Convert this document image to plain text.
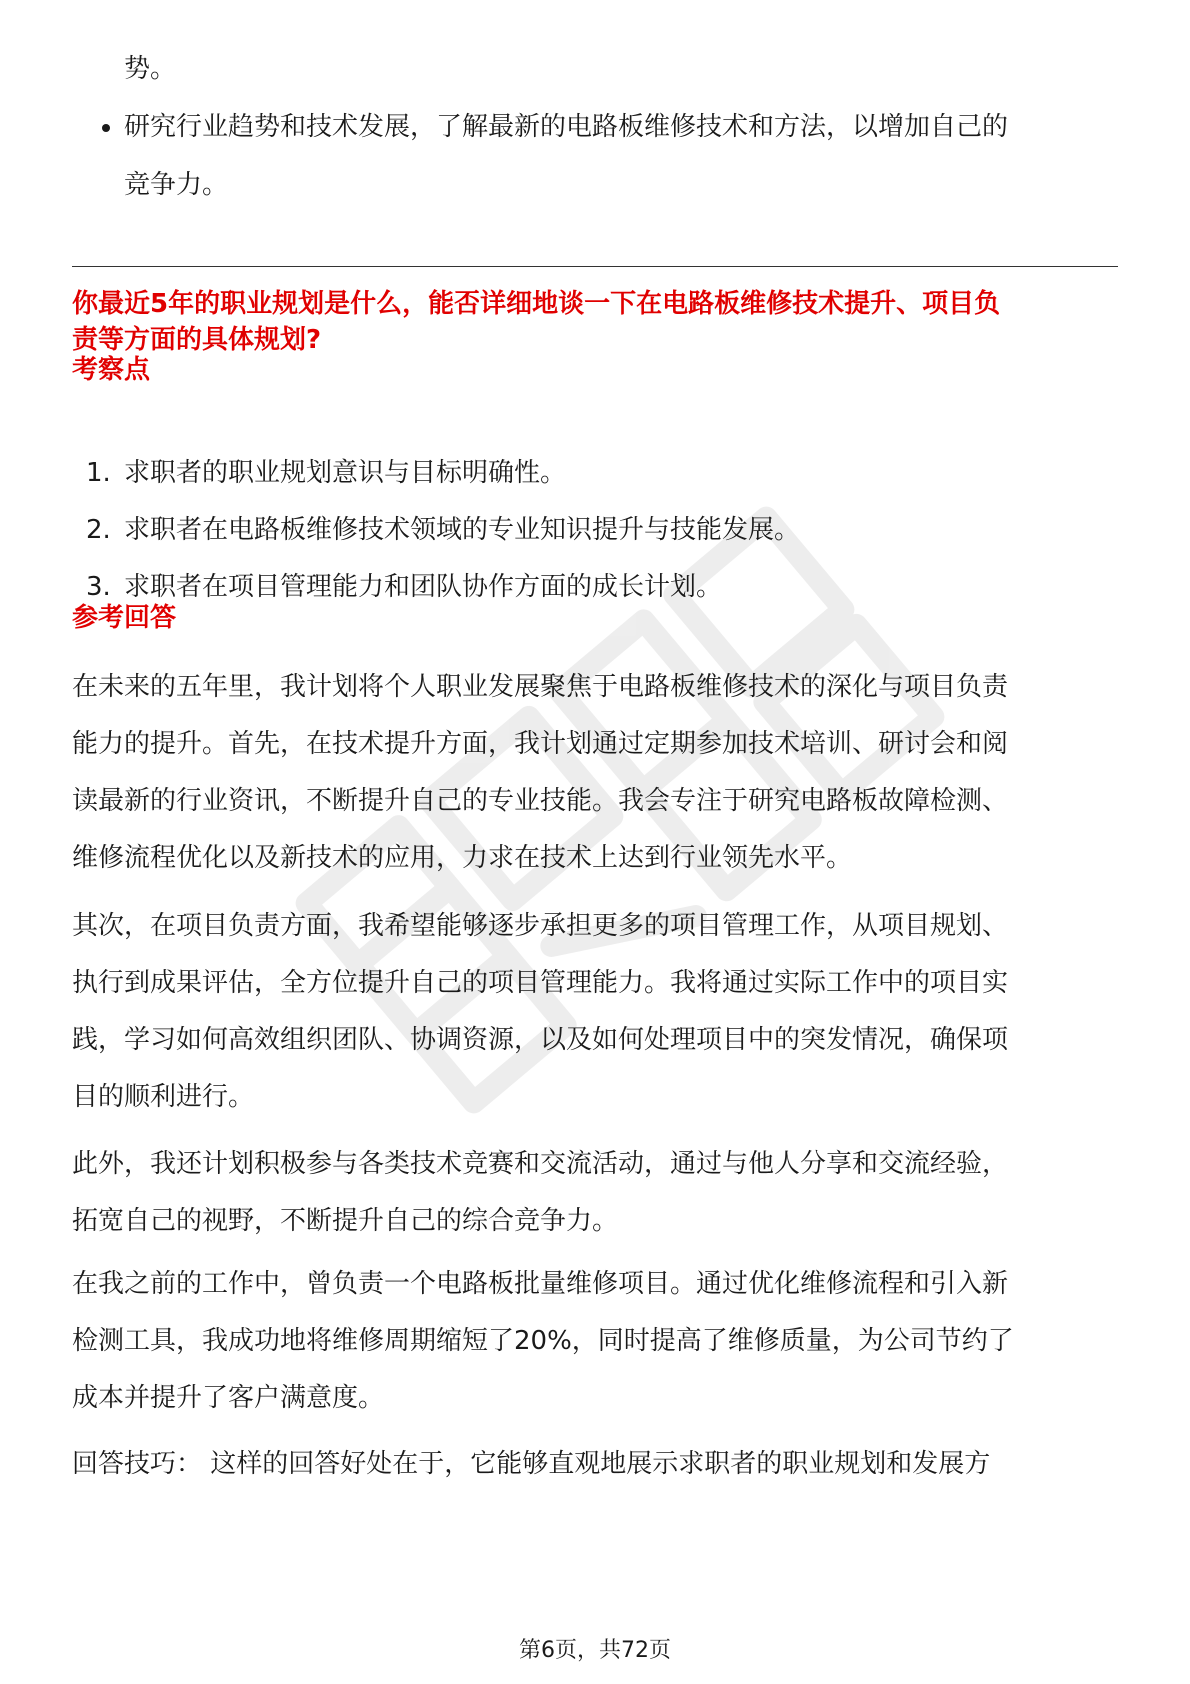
势。
研究行业趋势和技术发展，了解最新的电路板维修技术和方法，以增加自己的
竞争力。
你最近5年的职业规划是什么，能否详细地谈一下在电路板维修技术提升、项目负
责等方面的具体规划?
考察点
1. 求职者的职业规划意识与目标明确性。
2. 求职者在电路板维修技术领域的专业知识提升与技能发展。
3. 求职者在项目管理能力和团队协作方面的成长计划。
参考回答
在未来的五年里，我计划将个人职业发展聚焦于电路板维修技术的深化与项目负责
能力的提升。首先，在技术提升方面，我计划通过定期参加技术培训、研讨会和阅
读最新的行业资讯，不断提升自己的专业技能。我会专注于研究电路板故障检测、
维修流程优化以及新技术的应用，力求在技术上达到行业领先水平。
其次，在项目负责方面，我希望能够逐步承担更多的项目管理工作，从项目规划、
执行到成果评估，全方位提升自己的项目管理能力。我将通过实际工作中的项目实
践，学习如何高效组织团队、协调资源，以及如何处理项目中的突发情况，确保项
目的顺利进行。
此外，我还计划积极参与各类技术竞赛和交流活动，通过与他人分享和交流经验，
拓宽自己的视野，不断提升自己的综合竞争力。
在我之前的工作中，曾负责一个电路板批量维修项目。通过优化维修流程和引入新
检测工具，我成功地将维修周期缩短了20%，同时提高了维修质量，为公司节约了
成本并提升了客户满意度。
回答技巧： 这样的回答好处在于，它能够直观地展示求职者的职业规划和发展方
第6页，共72页
